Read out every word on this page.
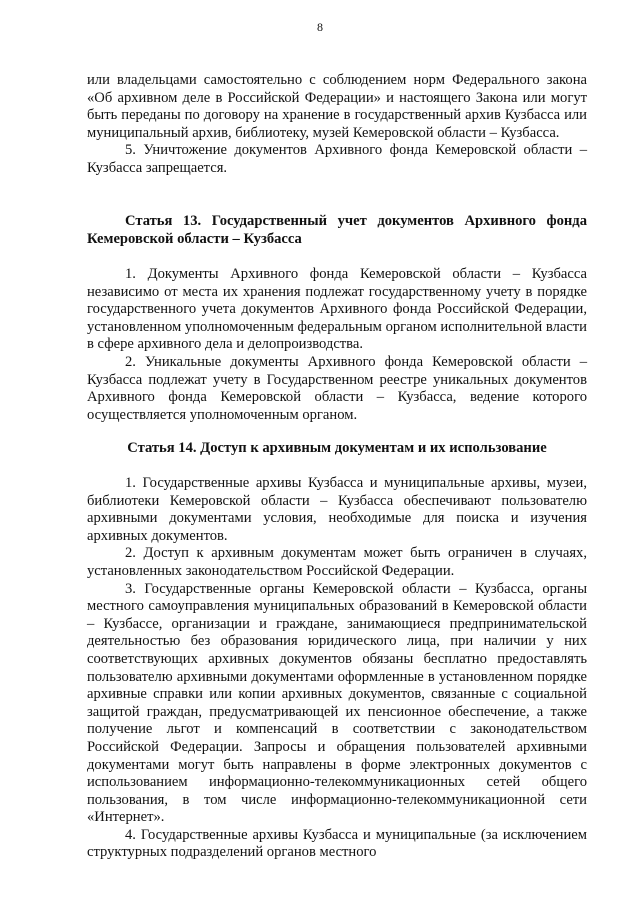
8

или владельцами самостоятельно с соблюдением норм Федерального закона «Об архивном деле в Российской Федерации» и настоящего Закона или могут быть переданы по договору на хранение в государственный архив Кузбасса или муниципальный архив, библиотеку, музей Кемеровской области – Кузбасса.

5. Уничтожение документов Архивного фонда Кемеровской области – Кузбасса запрещается.

Статья 13. Государственный учет документов Архивного фонда Кемеровской области – Кузбасса

1. Документы Архивного фонда Кемеровской области – Кузбасса независимо от места их хранения подлежат государственному учету в порядке государственного учета документов Архивного фонда Российской Федерации, установленном уполномоченным федеральным органом исполнительной власти в сфере архивного дела и делопроизводства.

2. Уникальные документы Архивного фонда Кемеровской области – Кузбасса подлежат учету в Государственном реестре уникальных документов Архивного фонда Кемеровской области – Кузбасса, ведение которого осуществляется уполномоченным органом.

Статья 14. Доступ к архивным документам и их использование

1. Государственные архивы Кузбасса и муниципальные архивы, музеи, библиотеки Кемеровской области – Кузбасса обеспечивают пользователю архивными документами условия, необходимые для поиска и изучения архивных документов.

2. Доступ к архивным документам может быть ограничен в случаях, установленных законодательством Российской Федерации.

3. Государственные органы Кемеровской области – Кузбасса, органы местного самоуправления муниципальных образований в Кемеровской области – Кузбассе, организации и граждане, занимающиеся предпринимательской деятельностью без образования юридического лица, при наличии у них соответствующих архивных документов обязаны бесплатно предоставлять пользователю архивными документами оформленные в установленном порядке архивные справки или копии архивных документов, связанные с социальной защитой граждан, предусматривающей их пенсионное обеспечение, а также получение льгот и компенсаций в соответствии с законодательством Российской Федерации. Запросы и обращения пользователей архивными документами могут быть направлены в форме электронных документов с использованием информационно-телекоммуникационных сетей общего пользования, в том числе информационно-телекоммуникационной сети «Интернет».

4. Государственные архивы Кузбасса и муниципальные (за исключением структурных подразделений органов местного
